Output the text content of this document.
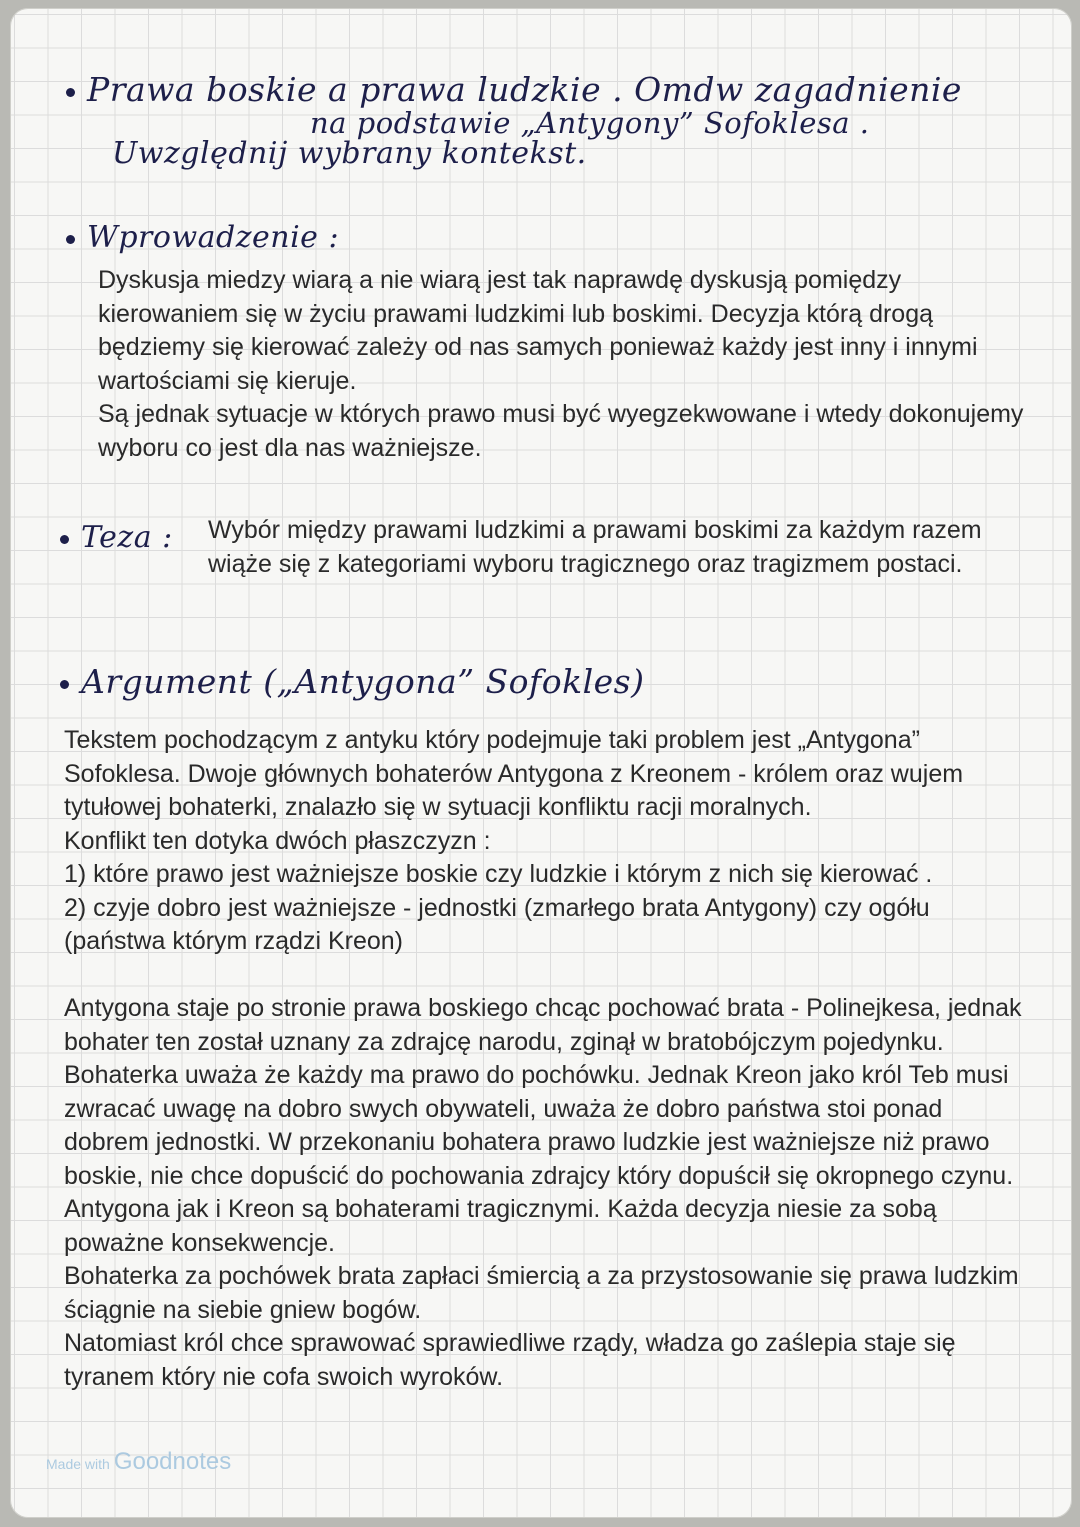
Prawa boskie a prawa ludzkie . Omdw zagadnienie
na podstawie „Antygony” Sofoklesa .
Uwzględnij wybrany kontekst.
Wprowadzenie :

Dyskusja miedzy wiarą a nie wiarą jest tak naprawdę dyskusją pomiędzy kierowaniem się w życiu prawami ludzkimi lub boskimi. Decyzja którą drogą będziemy się kierować zależy od nas samych ponieważ każdy jest inny i innymi wartościami się kieruje.

Są jednak sytuacje w których prawo musi być wyegzekwowane i wtedy dokonujemy wyboru co jest dla nas ważniejsze.

Teza : Wybór między prawami ludzkimi a prawami boskimi za każdym razem wiąże się z kategoriami wyboru tragicznego oraz tragizmem postaci.

Argument („Antygona” Sofokles)

Tekstem pochodzącym z antyku który podejmuje taki problem jest „Antygona” Sofoklesa. Dwoje głównych bohaterów Antygona z Kreonem - królem oraz wujem tytułowej bohaterki, znalazło się w sytuacji konfliktu racji moralnych.

Konflikt ten dotyka dwóch płaszczyzn :

1) które prawo jest ważniejsze boskie czy ludzkie i którym z nich się kierować .

2) czyje dobro jest ważniejsze - jednostki (zmarłego brata Antygony) czy ogółu (państwa którym rządzi Kreon)

Antygona staje po stronie prawa boskiego chcąc pochować brata - Polinejkesa, jednak bohater ten został uznany za zdrajcę narodu, zginął w bratobójczym pojedynku. Bohaterka uważa że każdy ma prawo do pochówku. Jednak Kreon jako król Teb musi zwracać uwagę na dobro swych obywateli, uważa że dobro państwa stoi ponad dobrem jednostki. W przekonaniu bohatera prawo ludzkie jest ważniejsze niż prawo boskie, nie chce dopuścić do pochowania zdrajcy który dopuścił się okropnego czynu.

Antygona jak i Kreon są bohaterami tragicznymi. Każda decyzja niesie za sobą poważne konsekwencje.

Bohaterka za pochówek brata zapłaci śmiercią a za przystosowanie się prawa ludzkim ściągnie na siebie gniew bogów.

Natomiast król chce sprawować sprawiedliwe rządy, władza go zaślepia staje się tyranem który nie cofa swoich wyroków.

Made with Goodnotes
